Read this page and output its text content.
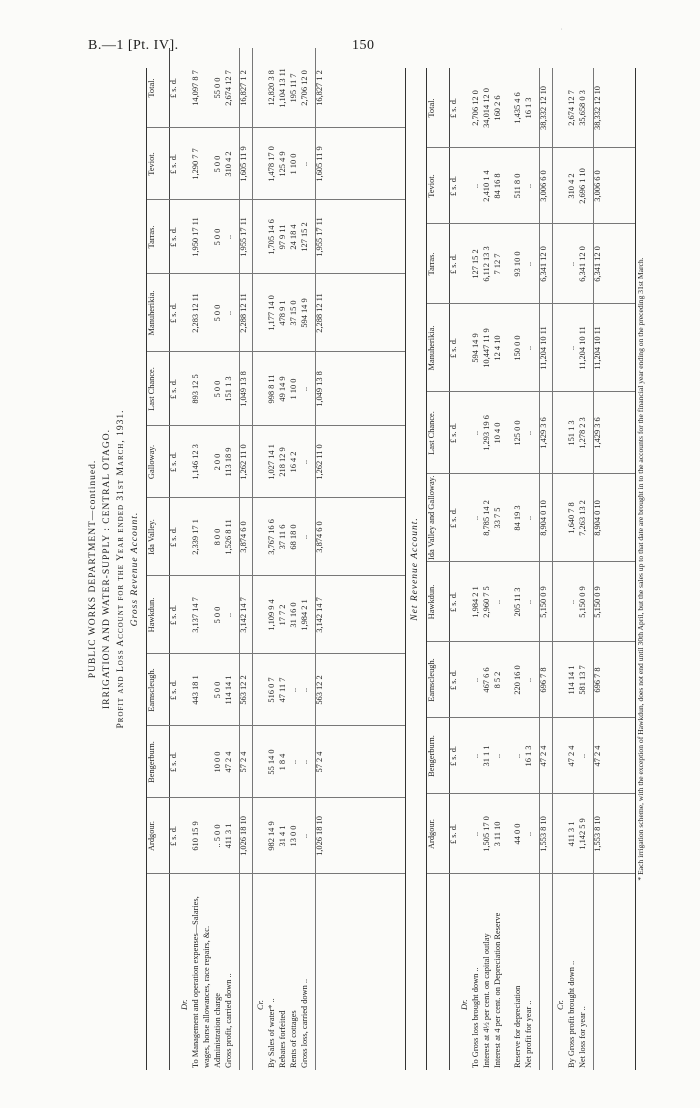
B.—1 [Pt. IV].	150
PUBLIC WORKS DEPARTMENT—continued. IRRIGATION AND WATER-SUPPLY : CENTRAL OTAGO. Profit and Loss Account for the Year ended 31st March, 1931. Gross Revenue Account.
Ardgour.
Bengerburn.
Earnscleugh.
Hawkdun.
Ida Valley.
Galloway.
Last Chance.
Manuherikia.
Tarras.
Teviot.
Total.
£ s. d.
£ s. d.
£ s. d.
£ s. d.
£ s. d.
£ s. d.
£ s. d.
£ s. d.
£ s. d.
£ s. d.
£ s. d.
Dr. To Management and operation expenses—Salaries, wages, horse allowances, race repairs, &c.
610 15 9
443 18 1
3,137 14 7
2,339 17 1
1,146 12 3
893 12 5
2,283 12 11
1,950 17 11
1,290 7 7
14,097 8 7
Administration charge
.. 5 0 0
10 0 0
5 0 0
5 0 0
8 0 0
2 0 0
5 0 0
5 0 0
5 0 0
5 0 0
55 0 0
Gross profit, carried down ..
411 3 1
47 2 4
114 14 1
..
1,526 8 11
113 18 9
151 1 3
..
..
310 4 2
2,674 12 7
1,026 18 10
57 2 4
563 12 2
3,142 14 7
3,874 6 0
1,262 11 0
1,049 13 8
2,288 12 11
1,955 17 11
1,605 11 9
16,827 1 2
Cr. By Sales of water* ..
982 14 9
55 14 0
516 0 7
1,109 9 4
3,767 16 6
1,027 14 1
998 8 11
1,177 14 0
1,705 14 6
1,478 17 0
12,820 3 8
Rebates forfeited
31 4 1
1 8 4
47 11 7
17 7 2
37 11 6
218 12 9
49 14 9
478 9 1
97 9 11
125 4 9
1,104 13 11
Rents of cottages
13 0 0
..
..
31 16 0
68 18 0
16 4 2
1 10 0
37 15 0
24 18 4
1 10 0
195 11 7
Gross loss, carried down ..
..
..
..
1,984 2 1
..
..
..
594 14 9
127 15 2
..
2,706 12 0
1,026 18 10
57 2 4
563 12 2
3,142 14 7
3,874 6 0
1,262 11 0
1,049 13 8
2,288 12 11
1,955 17 11
1,605 11 9
16,827 1 2
Net Revenue Account.
Ardgour.
Bengerburn.
Earnscleugh.
Hawkdun.
Ida Valley and Galloway.
Last Chance.
Manuherikia.
Tarras.
Teviot.
Total.
£ s. d.
£ s. d.
£ s. d.
£ s. d.
£ s. d.
£ s. d.
£ s. d.
£ s. d.
£ s. d.
£ s. d.
Dr. To Gross loss brought down ..
..
..
..
1,984 2 1
..
..
594 14 9
127 15 2
..
2,706 12 0
Interest at 4½ per cent. on capital outlay
1,505 17 0
31 1 1
467 6 6
2,960 7 5
8,785 14 2
1,293 19 6
10,447 11 9
6,112 13 3
2,410 1 4
34,014 12 0
Interest at 4 per cent. on Depreciation Reserve
3 11 10
..
8 5 2
..
33 7 5
10 4 0
12 4 10
7 12 7
84 16 8
160 2 6
Reserve for depreciation
44 0 0
..
220 16 0
205 11 3
84 19 3
125 0 0
150 0 0
93 10 0
511 8 0
1,435 4 6
Net profit for year ..
..
16 1 3
..
..
..
..
..
..
..
16 1 3
1,553 8 10
47 2 4
696 7 8
5,150 0 9
8,904 0 10
1,429 3 6
11,204 10 11
6,341 12 0
3,006 6 0
38,332 12 10
Cr. By Gross profit brought down ..
411 3 1
47 2 4
114 14 1
..
1,640 7 8
151 1 3
..
..
310 4 2
2,674 12 7
Net loss for year ..
1,142 5 9
..
581 13 7
5,150 0 9
7,263 13 2
1,278 2 3
11,204 10 11
6,341 12 0
2,696 1 10
35,658 0 3
1,553 8 10
47 2 4
696 7 8
5,150 0 9
8,904 0 10
1,429 3 6
11,204 10 11
6,341 12 0
3,006 6 0
38,332 12 10
* Each irrigation scheme, with the exception of Hawkdun, does not end until 30th April, but the sales up to that date are brought in to the accounts for the financial year ending on the preceding 31st March.
·
